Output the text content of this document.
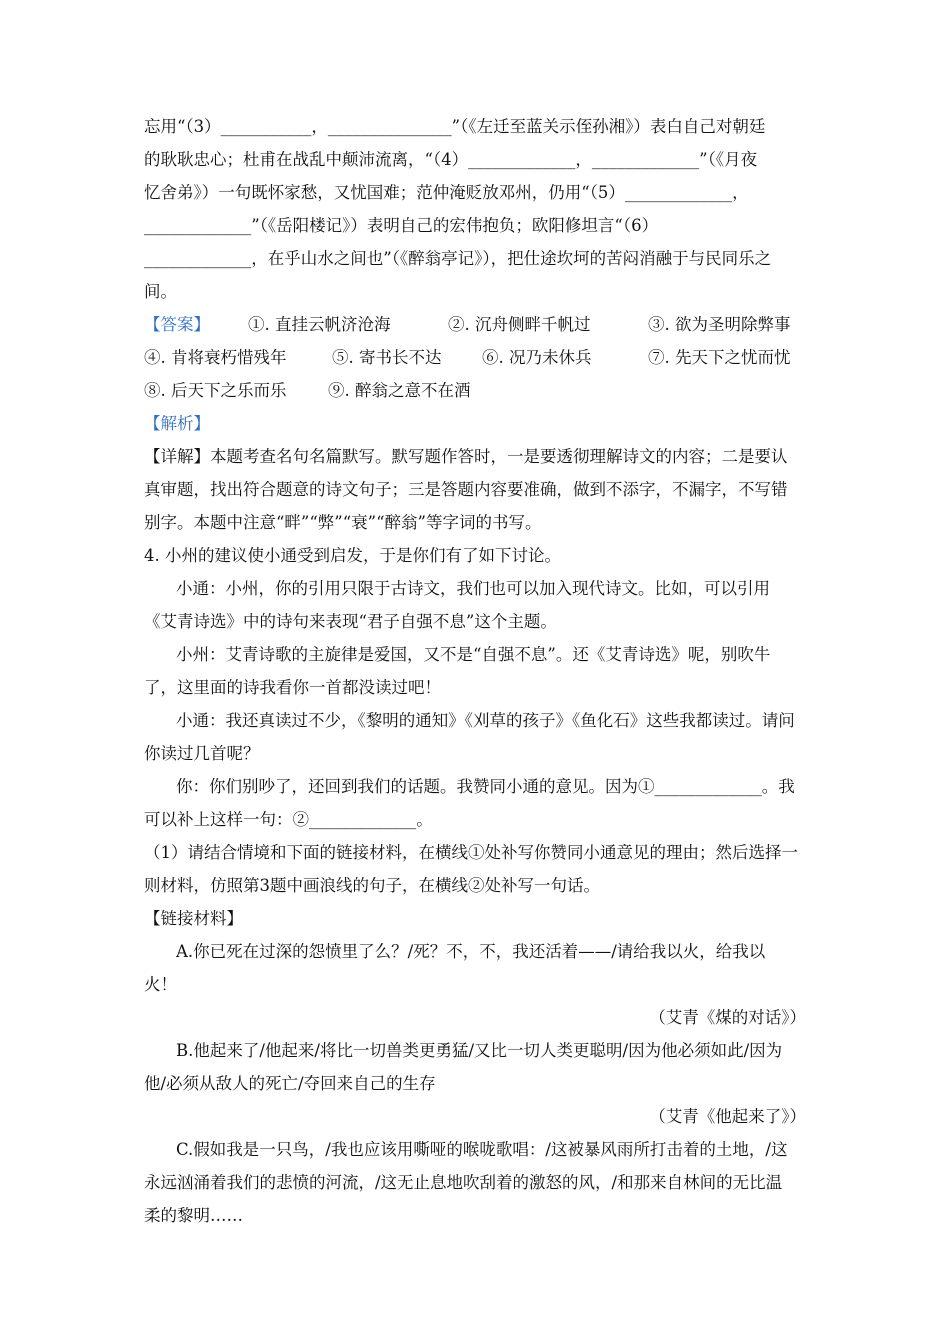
忘用“（3）___________，_______________”（《左迁至蓝关示侄孙湘》）表白自己对朝廷
的耿耿忠心；杜甫在战乱中颠沛流离，“（4）_____________，_____________”（《月夜
忆舍弟》）一句既怀家愁，又忧国难；范仲淹贬放邓州，仍用“（5）_____________，
_____________”（《岳阳楼记》）表明自己的宏伟抱负；欧阳修坦言“（6）
_____________，在乎山水之间也”（《醉翁亭记》），把仕途坎坷的苦闷消融于与民同乐之
间。
【答案】 ①. 直挂云帆济沧海	②. 沉舟侧畔千帆过	③. 欲为圣明除弊事
④. 肯将衰朽惜残年	⑤. 寄书长不达 ⑥. 况乃未休兵	⑦. 先天下之忧而忧
⑧. 后天下之乐而乐	⑨. 醉翁之意不在酒
【解析】
【详解】本题考查名句名篇默写。默写题作答时，一是要透彻理解诗文的内容；二是要认
真审题，找出符合题意的诗文句子；三是答题内容要准确，做到不添字，不漏字，不写错
别字。本题中注意“畔”“弊”“衰”“醉翁”等字词的书写。
4. 小州的建议使小通受到启发，于是你们有了如下讨论。
小通：小州，你的引用只限于古诗文，我们也可以加入现代诗文。比如，可以引用
《艾青诗选》中的诗句来表现“君子自强不息”这个主题。
小州：艾青诗歌的主旋律是爱国，又不是“自强不息”。还《艾青诗选》呢，别吹牛
了，这里面的诗我看你一首都没读过吧！
小通：我还真读过不少，《黎明的通知》《刈草的孩子》《鱼化石》这些我都读过。请问
你读过几首呢？
你：你们别吵了，还回到我们的话题。我赞同小通的意见。因为①_____________。我
可以补上这样一句：②_____________。
（1）请结合情境和下面的链接材料，在横线①处补写你赞同小通意见的理由；然后选择一
则材料，仿照第3题中画浪线的句子，在横线②处补写一句话。
【链接材料】
A.你已死在过深的怨愤里了么？/死？不，不，我还活着——/请给我以火，给我以
火！
（艾青《煤的对话》）
B.他起来了/他起来/将比一切兽类更勇猛/又比一切人类更聪明/因为他必须如此/因为
他/必须从敌人的死亡/夺回来自己的生存
（艾青《他起来了》）
C.假如我是一只鸟，/我也应该用嘶哑的喉咙歌唱：/这被暴风雨所打击着的土地，/这
永远汹涌着我们的悲愤的河流，/这无止息地吹刮着的激怒的风，/和那来自林间的无比温
柔的黎明……
